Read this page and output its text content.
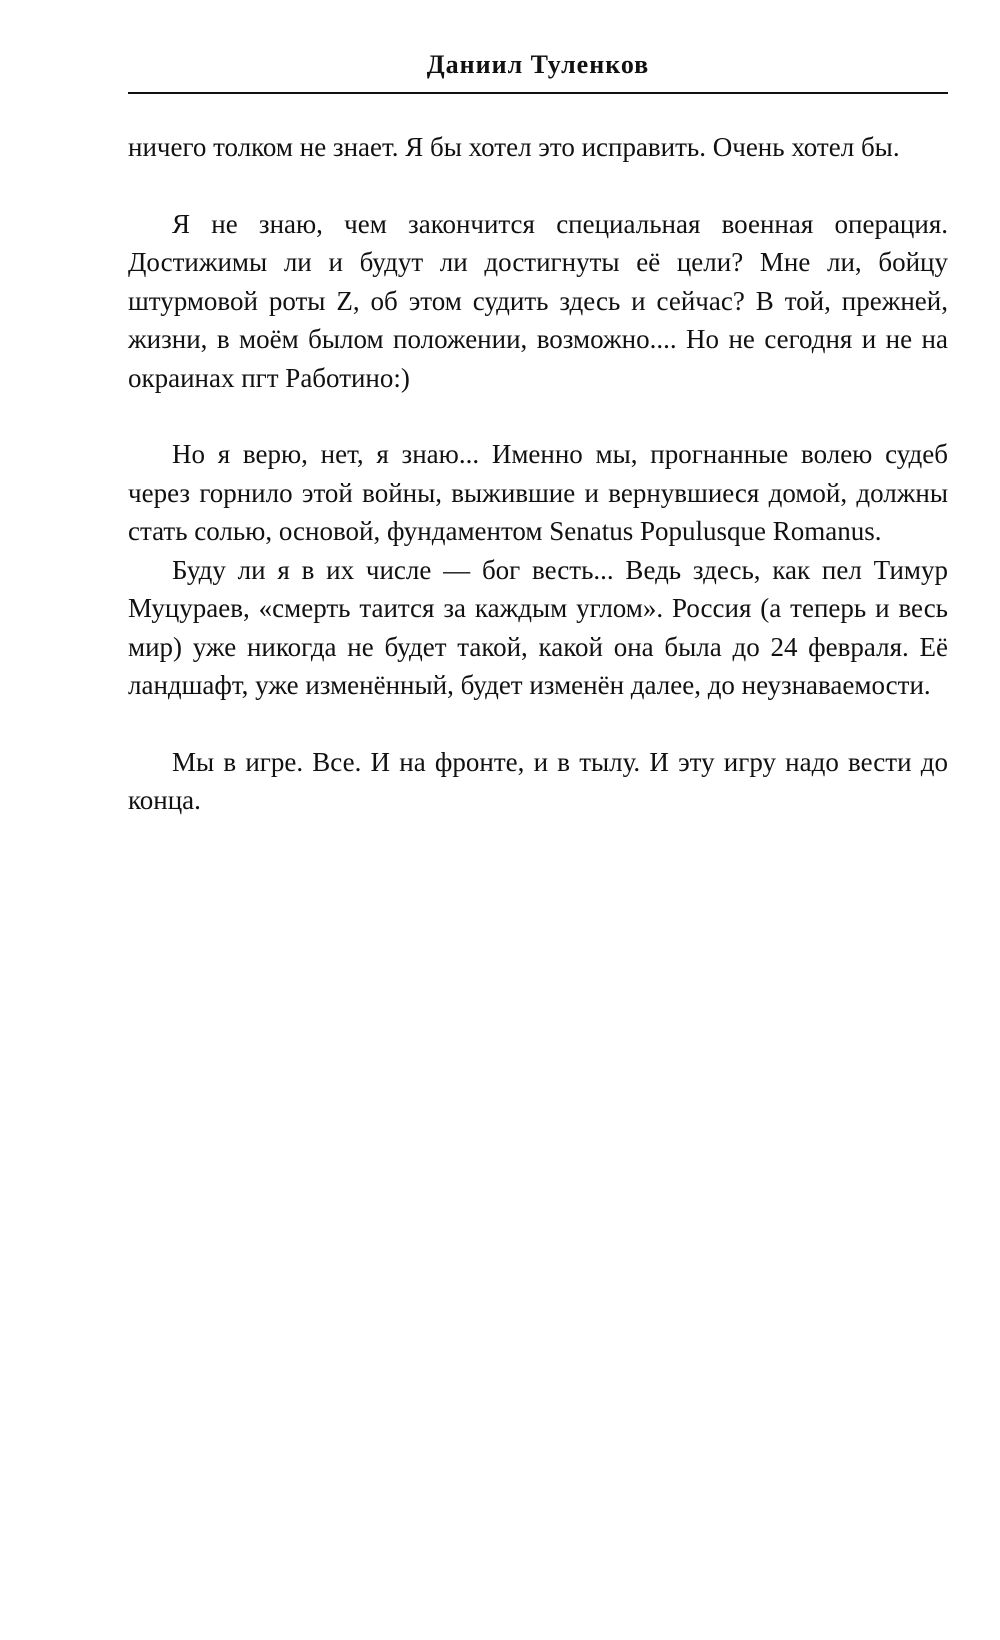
Даниил Туленков

ничего толком не знает. Я бы хотел это исправить. Очень хотел бы.

Я не знаю, чем закончится специальная военная операция. Достижимы ли и будут ли достигнуты её цели? Мне ли, бойцу штурмовой роты Z, об этом судить здесь и сейчас? В той, прежней, жизни, в моём былом положении, возможно.... Но не сегодня и не на окраинах пгт Работино:)

Но я верю, нет, я знаю... Именно мы, прогнанные волею судеб через горнило этой войны, выжившие и вернувшиеся домой, должны стать солью, основой, фундаментом Senatus Populusque Romanus.

Буду ли я в их числе — бог весть... Ведь здесь, как пел Тимур Муцураев, «смерть таится за каждым углом». Россия (а теперь и весь мир) уже никогда не будет такой, какой она была до 24 февраля. Её ландшафт, уже изменённый, будет изменён далее, до неузнаваемости.

Мы в игре. Все. И на фронте, и в тылу. И эту игру надо вести до конца.
